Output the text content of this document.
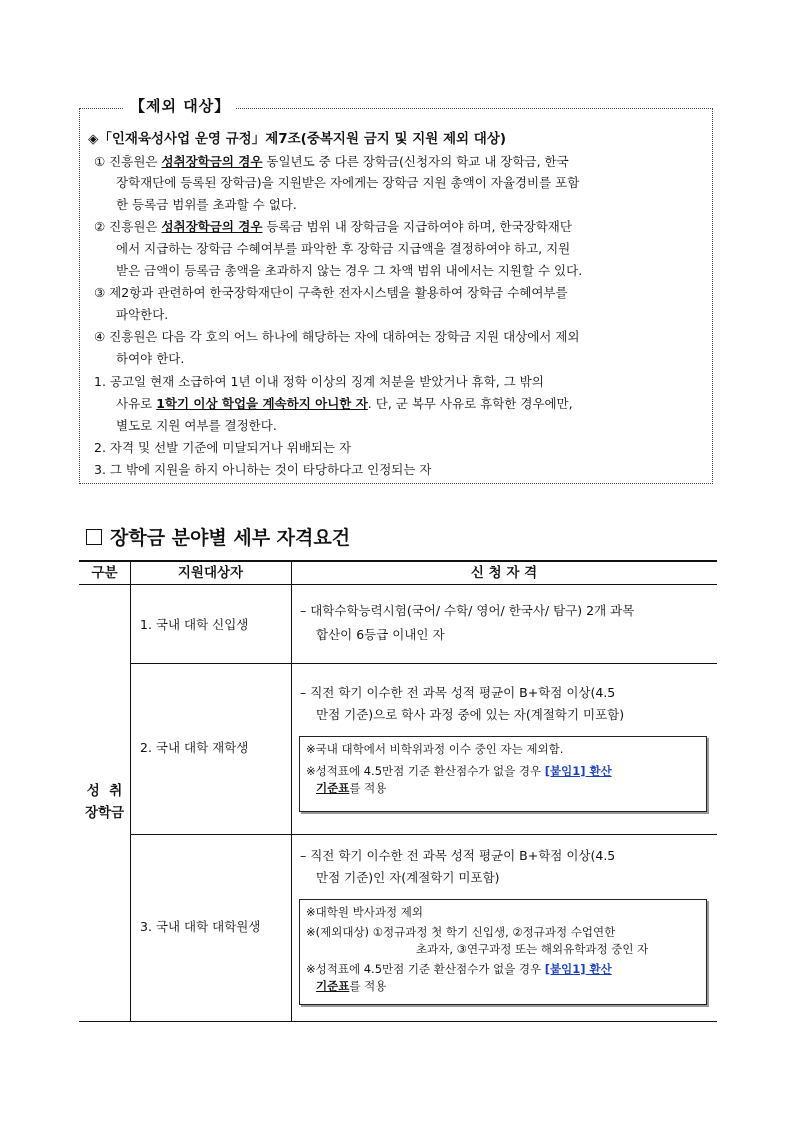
【제외 대상】
◈「인재육성사업 운영 규정」제7조(중복지원 금지 및 지원 제외 대상)
① 진흥원은 성취장학금의 경우 동일년도 중 다른 장학금(신청자의 학교 내 장학금, 한국
장학재단에 등록된 장학금)을 지원받은 자에게는 장학금 지원 총액이 자율경비를 포함
한 등록금 범위를 초과할 수 없다.
② 진흥원은 성취장학금의 경우 등록금 범위 내 장학금을 지급하여야 하며, 한국장학재단
에서 지급하는 장학금 수혜여부를 파악한 후 장학금 지급액을 결정하여야 하고, 지원
받은 금액이 등록금 총액을 초과하지 않는 경우 그 차액 범위 내에서는 지원할 수 있다.
③ 제2항과 관련하여 한국장학재단이 구축한 전자시스템을 활용하여 장학금 수혜여부를
파악한다.
④ 진흥원은 다음 각 호의 어느 하나에 해당하는 자에 대하여는 장학금 지원 대상에서 제외
하여야 한다.
1. 공고일 현재 소급하여 1년 이내 정학 이상의 징계 처분을 받았거나 휴학, 그 밖의
사유로 1학기 이상 학업을 계속하지 아니한 자. 단, 군 복무 사유로 휴학한 경우에만,
별도로 지원 여부를 결정한다.
2. 자격 및 선발 기준에 미달되거나 위배되는 자
3. 그 밖에 지원을 하지 아니하는 것이 타당하다고 인정되는 자
장학금 분야별 세부 자격요건
구분	지원대상자	신 청 자 격
성  취
장학금
1. 국내 대학 신입생
– 대학수학능력시험(국어/ 수학/ 영어/ 한국사/ 탐구) 2개 과목
합산이 6등급 이내인 자
2. 국내 대학 재학생
– 직전 학기 이수한 전 과목 성적 평균이 B+학점 이상(4.5
만점 기준)으로 학사 과정 중에 있는 자(계절학기 미포함)
※국내 대학에서 비학위과정 이수 중인 자는 제외함.
※성적표에 4.5만점 기준 환산점수가 없을 경우 [붙임1] 환산
기준표를 적용
3. 국내 대학 대학원생
– 직전 학기 이수한 전 과목 성적 평균이 B+학점 이상(4.5
만점 기준)인 자(계절학기 미포함)
※대학원 박사과정 제외
※(제외대상) ①정규과정 첫 학기 신입생, ②정규과정 수업연한
초과자, ③연구과정 또는 해외유학과정 중인 자
※성적표에 4.5만점 기준 환산점수가 없을 경우 [붙임1] 환산
기준표를 적용
